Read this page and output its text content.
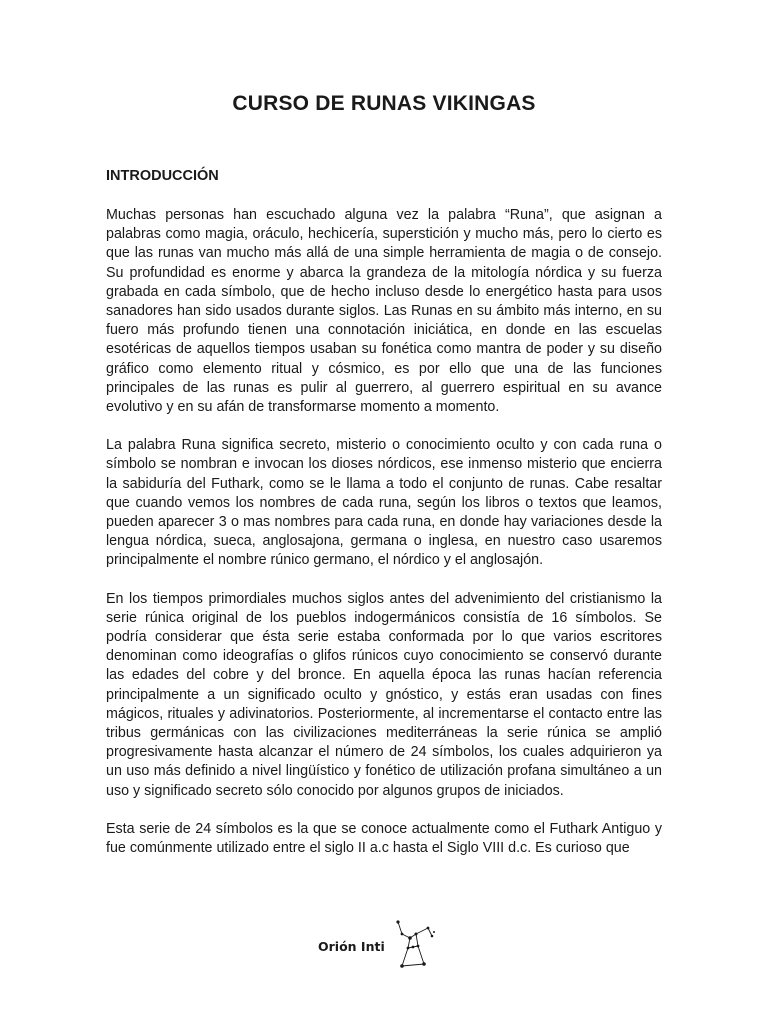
CURSO DE RUNAS VIKINGAS
INTRODUCCIÓN

Muchas personas han escuchado alguna vez la palabra “Runa”, que asignan a palabras como magia, oráculo, hechicería, superstición y mucho más, pero lo cierto es que las runas van mucho más allá de una simple herramienta de magia o de consejo. Su profundidad es enorme y abarca la grandeza de la mitología nórdica y su fuerza grabada en cada símbolo, que de hecho incluso desde lo energético hasta para usos sanadores han sido usados durante siglos. Las Runas en su ámbito más interno, en su fuero más profundo tienen una connotación iniciática, en donde en las escuelas esotéricas de aquellos tiempos usaban su fonética como mantra de poder y su diseño gráfico como elemento ritual y cósmico, es por ello que una de las funciones principales de las runas es pulir al guerrero, al guerrero espiritual en su avance evolutivo y en su afán de transformarse momento a momento.

La palabra Runa significa secreto, misterio o conocimiento oculto y con cada runa o símbolo se nombran e invocan los dioses nórdicos, ese inmenso misterio que encierra la sabiduría del Futhark, como se le llama a todo el conjunto de runas. Cabe resaltar que cuando vemos los nombres de cada runa, según los libros o textos que leamos, pueden aparecer 3 o mas nombres para cada runa, en donde hay variaciones desde la lengua nórdica, sueca, anglosajona, germana o inglesa, en nuestro caso usaremos principalmente el nombre rúnico germano, el nórdico y el anglosajón.

En los tiempos primordiales muchos siglos antes del advenimiento del cristianismo la serie rúnica original de los pueblos indogermánicos consistía de 16 símbolos. Se podría considerar que ésta serie estaba conformada por lo que varios escritores denominan como ideografías o glifos rúnicos cuyo conocimiento se conservó durante las edades del cobre y del bronce. En aquella época las runas hacían referencia principalmente a un significado oculto y gnóstico, y estás eran usadas con fines mágicos, rituales y adivinatorios. Posteriormente, al incrementarse el contacto entre las tribus germánicas con las civilizaciones mediterráneas la serie rúnica se amplió progresivamente hasta alcanzar el número de 24 símbolos, los cuales adquirieron ya un uso más definido a nivel lingüístico y fonético de utilización profana simultáneo a un uso y significado secreto sólo conocido por algunos grupos de iniciados.

Esta serie de 24 símbolos es la que se conoce actualmente como el Futhark Antiguo y fue comúnmente utilizado entre el siglo II a.c hasta el Siglo VIII d.c. Es curioso que

Orión Inti
